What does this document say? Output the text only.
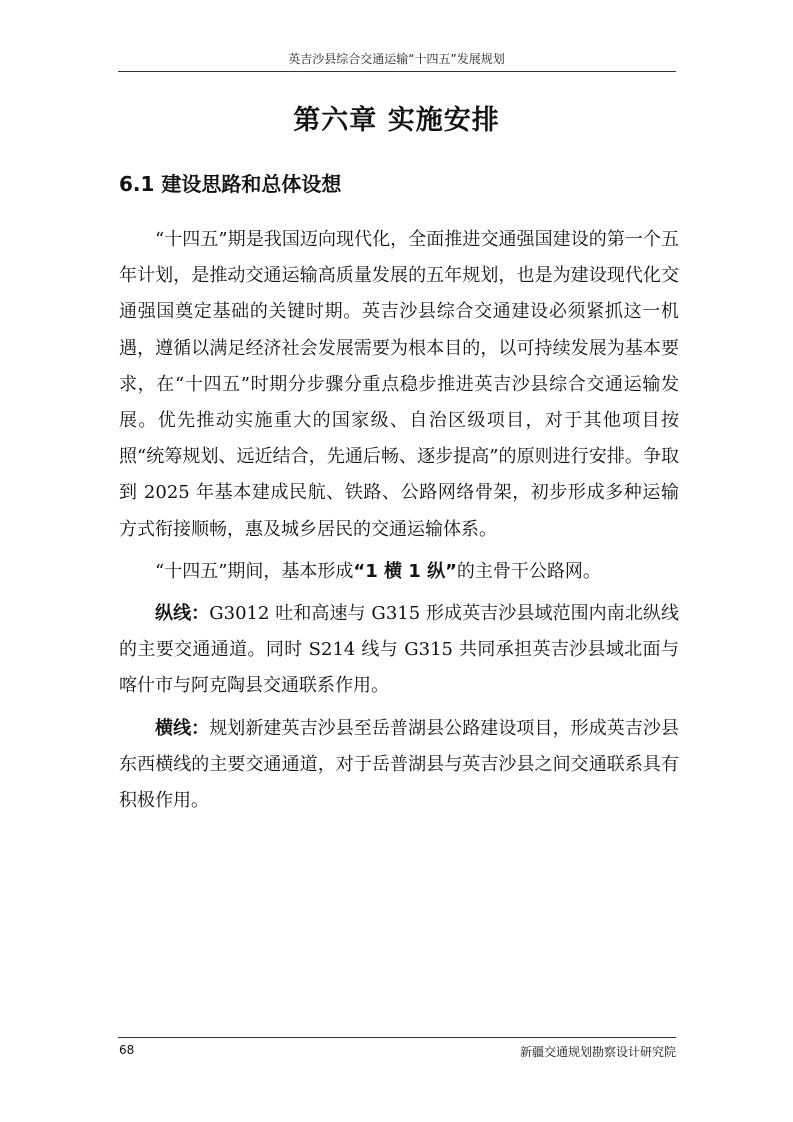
英吉沙县综合交通运输“十四五”发展规划
第六章 实施安排
6.1 建设思路和总体设想

“十四五”期是我国迈向现代化，全面推进交通强国建设的第一个五年计划，是推动交通运输高质量发展的五年规划，也是为建设现代化交通强国奠定基础的关键时期。英吉沙县综合交通建设必须紧抓这一机遇，遵循以满足经济社会发展需要为根本目的，以可持续发展为基本要求，在“十四五”时期分步骤分重点稳步推进英吉沙县综合交通运输发展。优先推动实施重大的国家级、自治区级项目，对于其他项目按照“统筹规划、远近结合，先通后畅、逐步提高”的原则进行安排。争取到 2025 年基本建成民航、铁路、公路网络骨架，初步形成多种运输方式衔接顺畅，惠及城乡居民的交通运输体系。

“十四五”期间，基本形成“1 横 1 纵”的主骨干公路网。

纵线：G3012 吐和高速与 G315 形成英吉沙县域范围内南北纵线的主要交通通道。同时 S214 线与 G315 共同承担英吉沙县域北面与喀什市与阿克陶县交通联系作用。

横线：规划新建英吉沙县至岳普湖县公路建设项目，形成英吉沙县东西横线的主要交通通道，对于岳普湖县与英吉沙县之间交通联系具有积极作用。

68	新疆交通规划勘察设计研究院
